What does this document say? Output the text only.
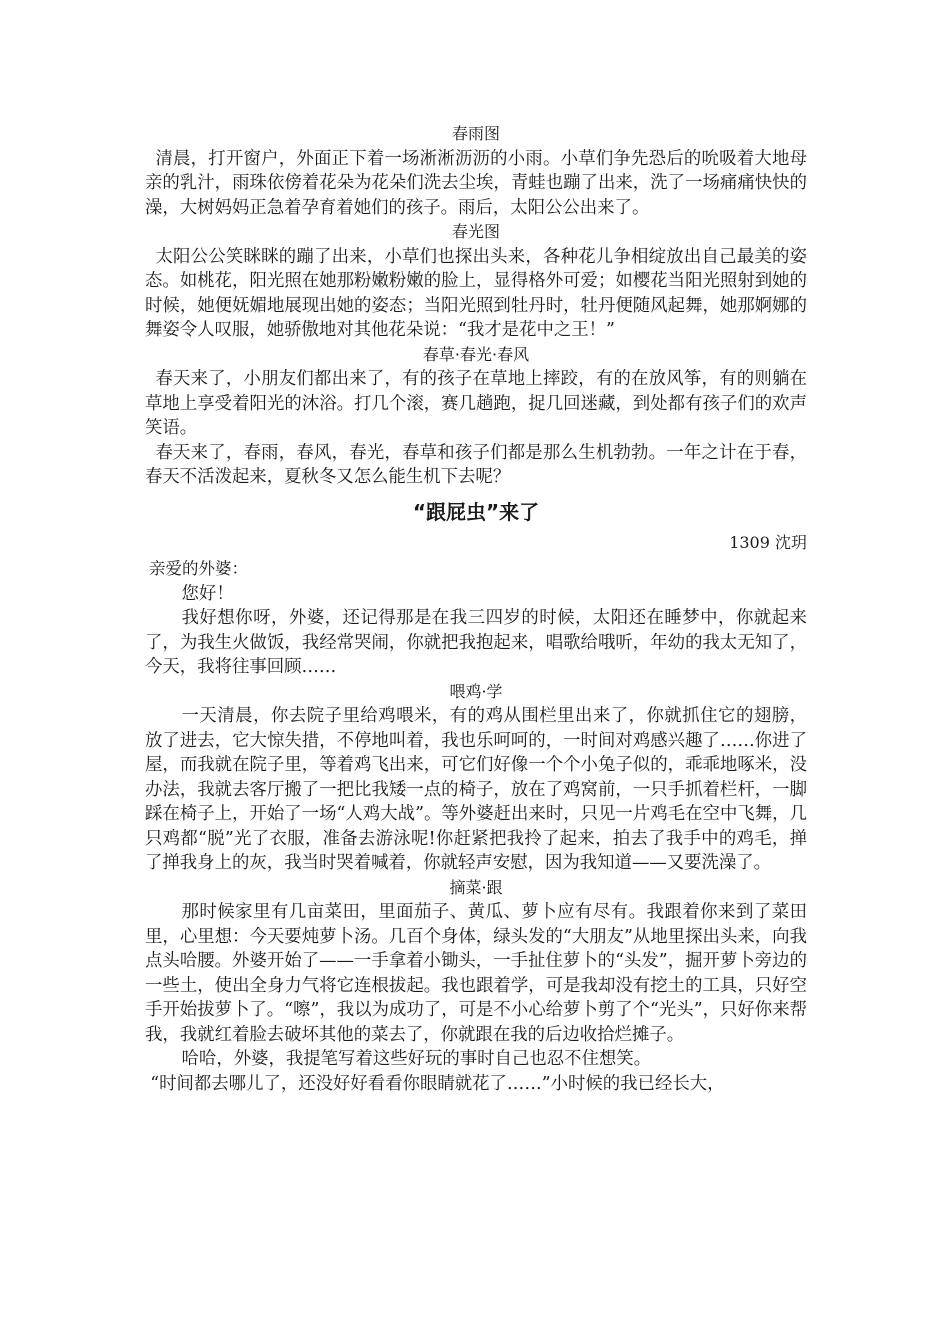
春雨图

清晨，打开窗户，外面正下着一场淅淅沥沥的小雨。小草们争先恐后的吮吸着大地母亲的乳汁，雨珠依傍着花朵为花朵们洗去尘埃，青蛙也蹦了出来，洗了一场痛痛快快的澡，大树妈妈正急着孕育着她们的孩子。雨后，太阳公公出来了。

春光图

太阳公公笑眯眯的蹦了出来，小草们也探出头来，各种花儿争相绽放出自己最美的姿态。如桃花，阳光照在她那粉嫩粉嫩的脸上，显得格外可爱；如樱花当阳光照射到她的时候，她便妩媚地展现出她的姿态；当阳光照到牡丹时，牡丹便随风起舞，她那婀娜的舞姿令人叹服，她骄傲地对其他花朵说：“我才是花中之王！”

春草·春光·春风

春天来了，小朋友们都出来了，有的孩子在草地上摔跤，有的在放风筝，有的则躺在草地上享受着阳光的沐浴。打几个滚，赛几趟跑，捉几回迷藏，到处都有孩子们的欢声笑语。

春天来了，春雨，春风，春光，春草和孩子们都是那么生机勃勃。一年之计在于春，春天不活泼起来，夏秋冬又怎么能生机下去呢？

“跟屁虫”来了

1309 沈玥

亲爱的外婆：

您好！

我好想你呀，外婆，还记得那是在我三四岁的时候，太阳还在睡梦中，你就起来了，为我生火做饭，我经常哭闹，你就把我抱起来，唱歌给哦听，年幼的我太无知了，今天，我将往事回顾……

喂鸡·学

一天清晨，你去院子里给鸡喂米，有的鸡从围栏里出来了，你就抓住它的翅膀，放了进去，它大惊失措，不停地叫着，我也乐呵呵的，一时间对鸡感兴趣了……你进了屋，而我就在院子里，等着鸡飞出来，可它们好像一个个小兔子似的，乖乖地啄米，没办法，我就去客厅搬了一把比我矮一点的椅子，放在了鸡窝前，一只手抓着栏杆，一脚踩在椅子上，开始了一场“人鸡大战”。等外婆赶出来时，只见一片鸡毛在空中飞舞，几只鸡都“脱”光了衣服，准备去游泳呢!你赶紧把我拎了起来，拍去了我手中的鸡毛，掸了掸我身上的灰，我当时哭着喊着，你就轻声安慰，因为我知道——又要洗澡了。

摘菜·跟

那时候家里有几亩菜田，里面茄子、黄瓜、萝卜应有尽有。我跟着你来到了菜田里，心里想：今天要炖萝卜汤。几百个身体，绿头发的“大朋友”从地里探出头来，向我点头哈腰。外婆开始了——一手拿着小锄头，一手扯住萝卜的“头发”，掘开萝卜旁边的一些土，使出全身力气将它连根拔起。我也跟着学，可是我却没有挖土的工具，只好空手开始拔萝卜了。“嚓”，我以为成功了，可是不小心给萝卜剪了个“光头”，只好你来帮我，我就红着脸去破坏其他的菜去了，你就跟在我的后边收拾烂摊子。

哈哈，外婆，我提笔写着这些好玩的事时自己也忍不住想笑。

“时间都去哪儿了，还没好好看看你眼睛就花了……”小时候的我已经长大，
